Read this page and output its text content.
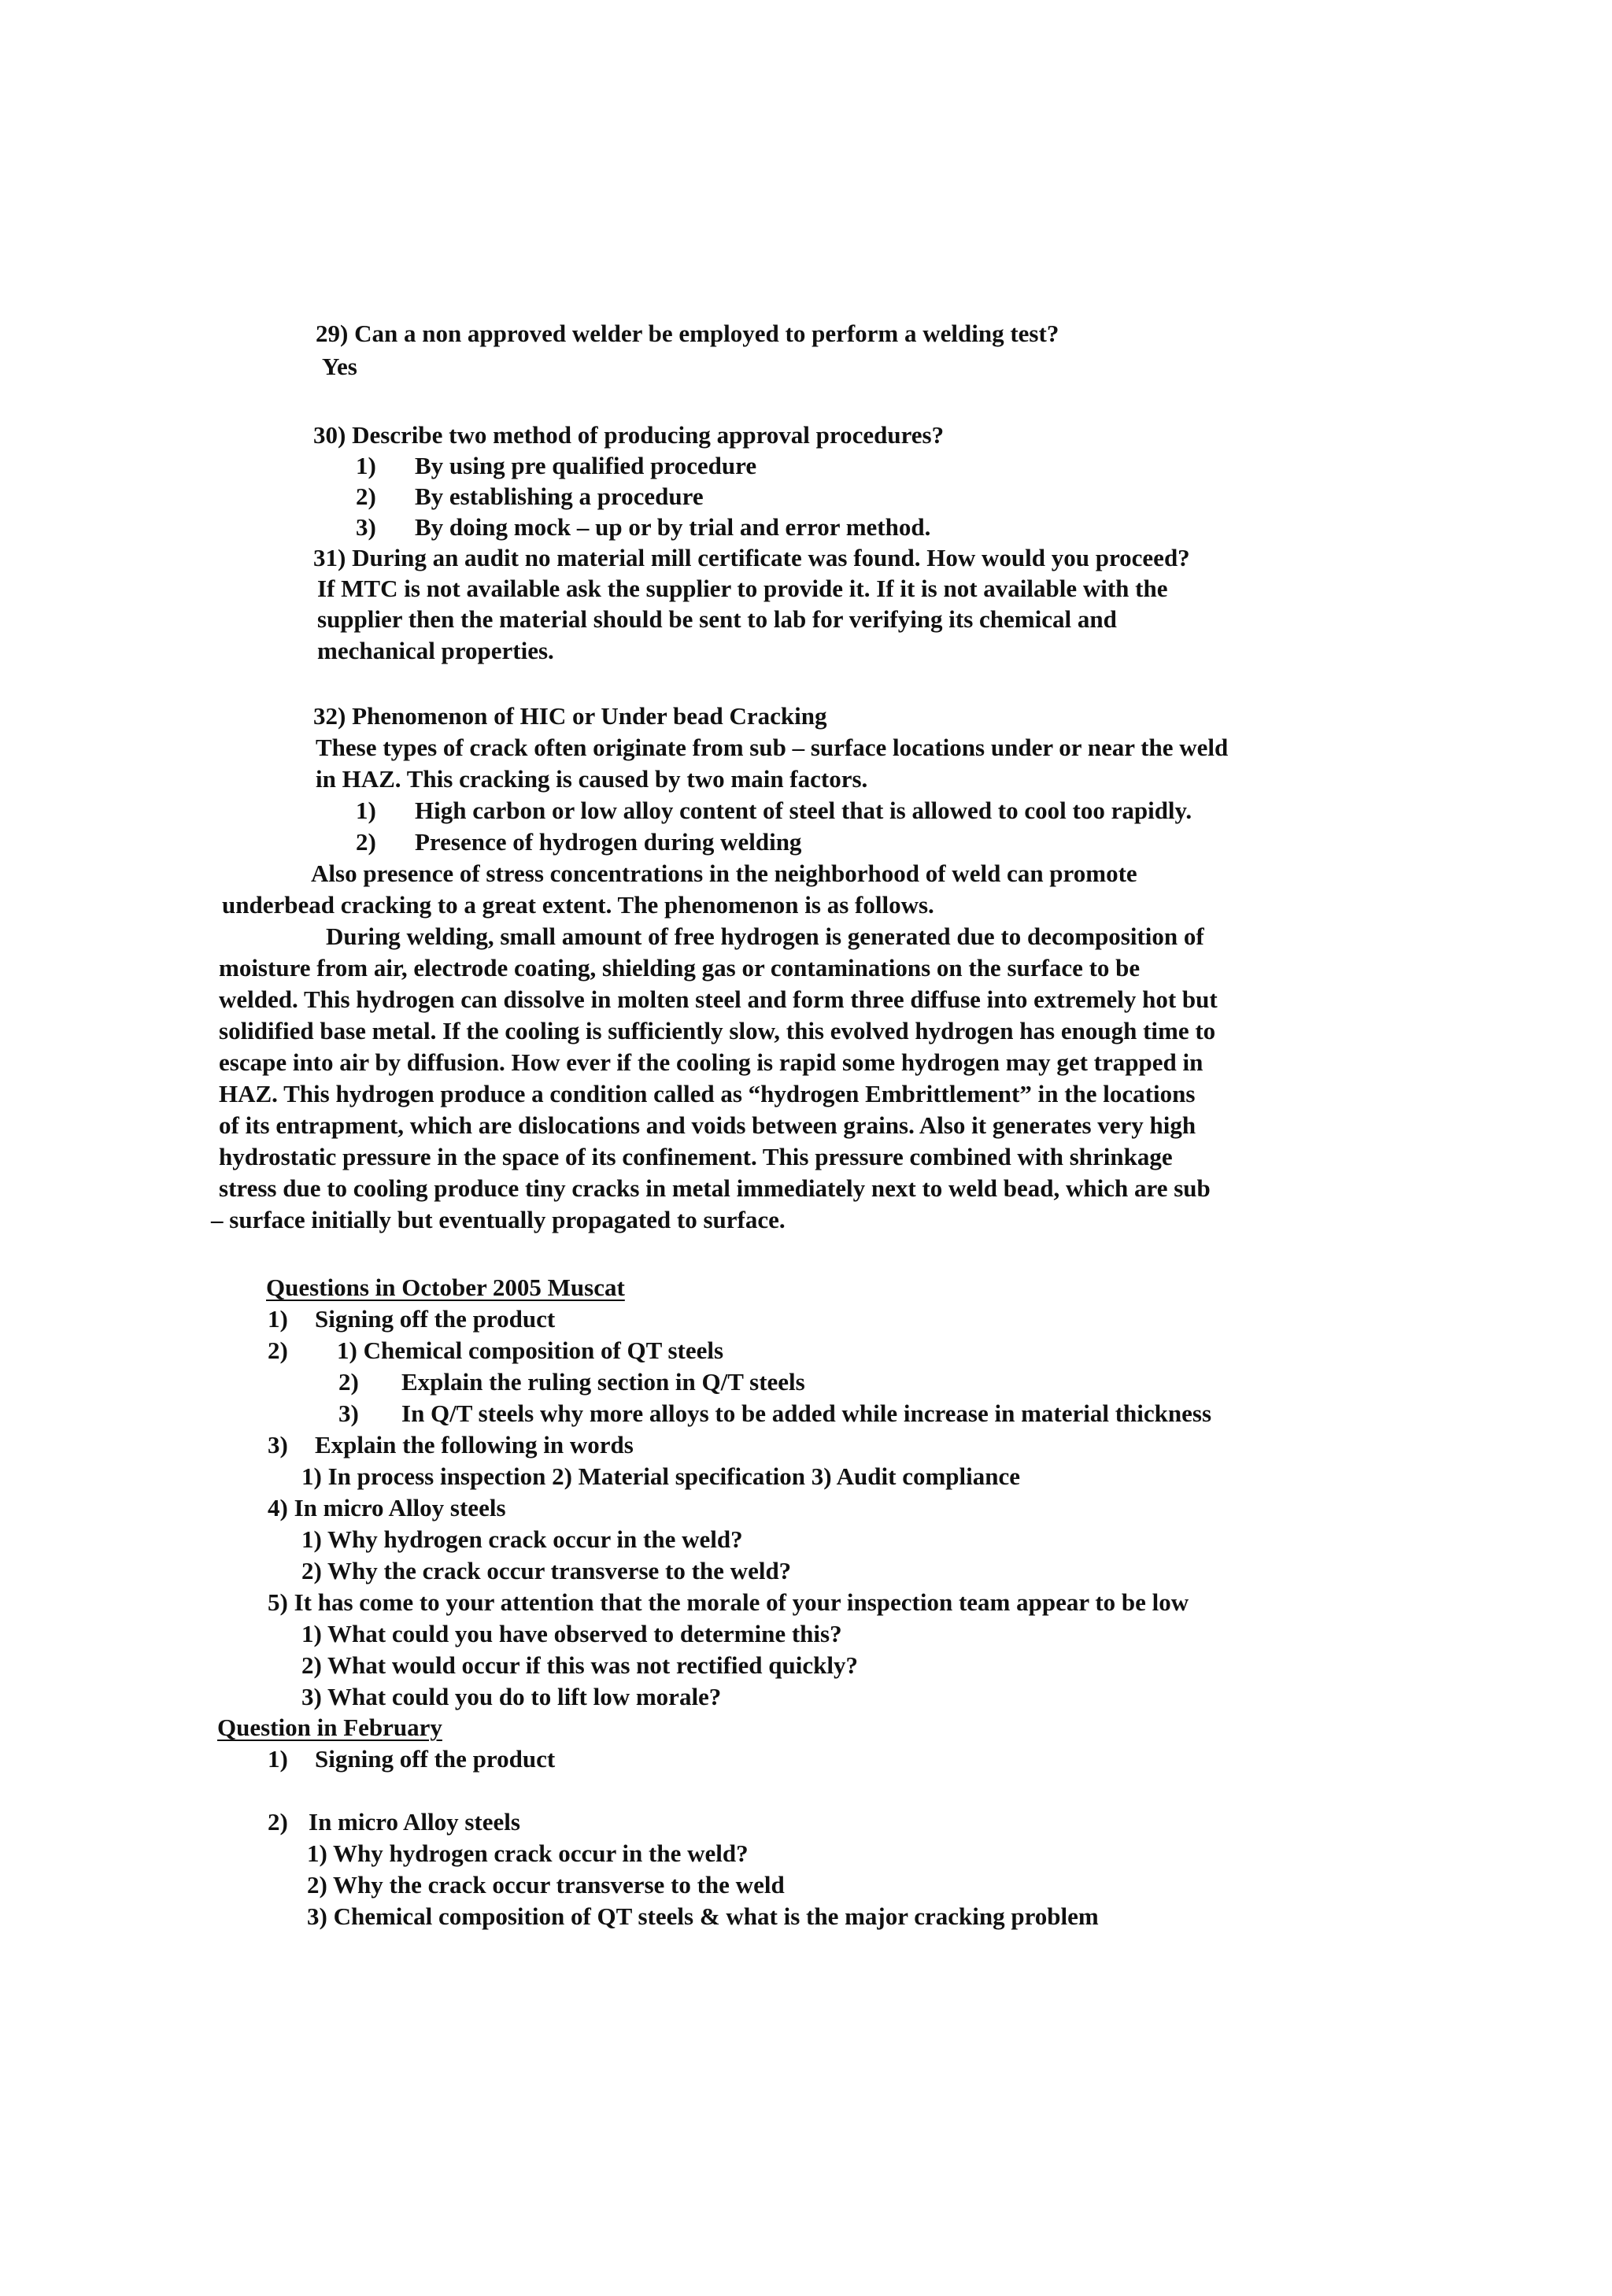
29) Can a non approved welder be employed to perform a welding test?
Yes
30) Describe two method of producing approval procedures?
1) By using pre qualified procedure
2) By establishing a procedure
3) By doing mock – up or by trial and error method.
31) During an audit no material mill certificate was found. How would you proceed?
If MTC is not available ask the supplier to provide it. If it is not available with the
supplier then the material should be sent to lab for verifying its chemical and
mechanical properties.
32) Phenomenon of HIC or Under bead Cracking
These types of crack often originate from sub – surface locations under or near the weld
in HAZ. This cracking is caused by two main factors.
1) High carbon or low alloy content of steel that is allowed to cool too rapidly.
2) Presence of hydrogen during welding
Also presence of stress concentrations in the neighborhood of weld can promote
underbead cracking to a great extent. The phenomenon is as follows.
During welding, small amount of free hydrogen is generated due to decomposition of
moisture from air, electrode coating, shielding gas or contaminations on the surface to be
welded. This hydrogen can dissolve in molten steel and form three diffuse into extremely hot but
solidified base metal. If the cooling is sufficiently slow, this evolved hydrogen has enough time to
escape into air by diffusion. How ever if the cooling is rapid some hydrogen may get trapped in
HAZ. This hydrogen produce a condition called as “hydrogen Embrittlement” in the locations
of its entrapment, which are dislocations and voids between grains. Also it generates very high
hydrostatic pressure in the space of its confinement. This pressure combined with shrinkage
stress due to cooling produce tiny cracks in metal immediately next to weld bead, which are sub
– surface initially but eventually propagated to surface.
Questions in October 2005 Muscat
1) Signing off the product
2) 1) Chemical composition of QT steels
2) Explain the ruling section in Q/T steels
3) In Q/T steels why more alloys to be added while increase in material thickness
3) Explain the following in words
1) In process inspection 2) Material specification 3) Audit compliance
4) In micro Alloy steels
1) Why hydrogen crack occur in the weld?
2) Why the crack occur transverse to the weld?
5) It has come to your attention that the morale of your inspection team appear to be low
1) What could you have observed to determine this?
2) What would occur if this was not rectified quickly?
3) What could you do to lift low morale?
Question in February
1) Signing off the product
2) In micro Alloy steels
1) Why hydrogen crack occur in the weld?
2) Why the crack occur transverse to the weld
3) Chemical composition of QT steels & what is the major cracking problem
